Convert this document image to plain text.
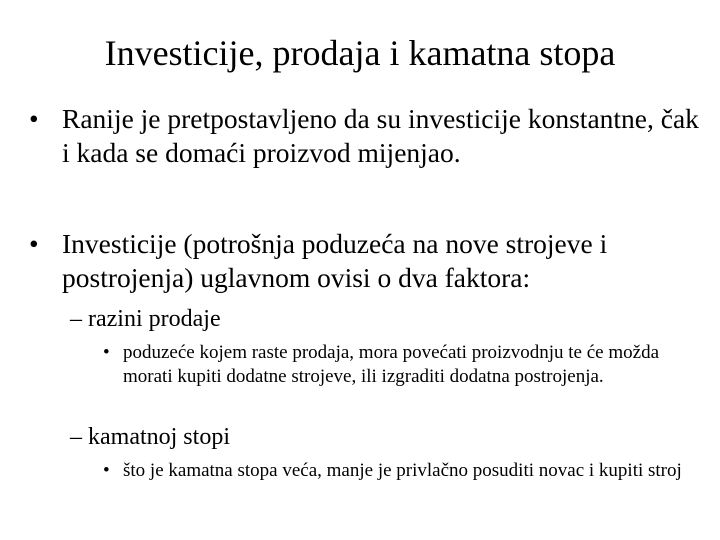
Investicije, prodaja i kamatna stopa
• Ranije je pretpostavljeno da su investicije konstantne, čak i kada se domaći proizvod mijenjao.
• Investicije (potrošnja poduzeća na nove strojeve i postrojenja) uglavnom ovisi o dva faktora:
– razini prodaje
• poduzeće kojem raste prodaja, mora povećati proizvodnju te će možda morati kupiti dodatne strojeve, ili izgraditi dodatna postrojenja.
– kamatnoj stopi
• što je kamatna stopa veća, manje je privlačno posuditi novac i kupiti stroj
